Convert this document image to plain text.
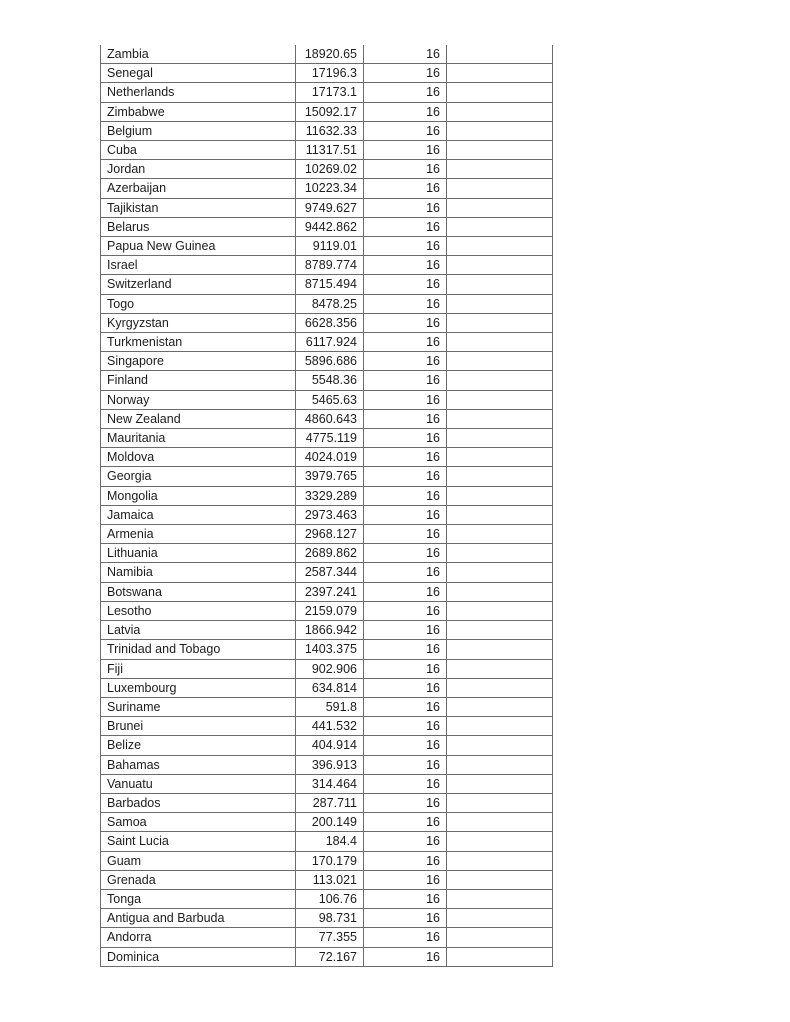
Zambia	18920.65	16	
Senegal	17196.3	16	
Netherlands	17173.1	16	
Zimbabwe	15092.17	16	
Belgium	11632.33	16	
Cuba	11317.51	16	
Jordan	10269.02	16	
Azerbaijan	10223.34	16	
Tajikistan	9749.627	16	
Belarus	9442.862	16	
Papua New Guinea	9119.01	16	
Israel	8789.774	16	
Switzerland	8715.494	16	
Togo	8478.25	16	
Kyrgyzstan	6628.356	16	
Turkmenistan	6117.924	16	
Singapore	5896.686	16	
Finland	5548.36	16	
Norway	5465.63	16	
New Zealand	4860.643	16	
Mauritania	4775.119	16	
Moldova	4024.019	16	
Georgia	3979.765	16	
Mongolia	3329.289	16	
Jamaica	2973.463	16	
Armenia	2968.127	16	
Lithuania	2689.862	16	
Namibia	2587.344	16	
Botswana	2397.241	16	
Lesotho	2159.079	16	
Latvia	1866.942	16	
Trinidad and Tobago	1403.375	16	
Fiji	902.906	16	
Luxembourg	634.814	16	
Suriname	591.8	16	
Brunei	441.532	16	
Belize	404.914	16	
Bahamas	396.913	16	
Vanuatu	314.464	16	
Barbados	287.711	16	
Samoa	200.149	16	
Saint Lucia	184.4	16	
Guam	170.179	16	
Grenada	113.021	16	
Tonga	106.76	16	
Antigua and Barbuda	98.731	16	
Andorra	77.355	16	
Dominica	72.167	16	
